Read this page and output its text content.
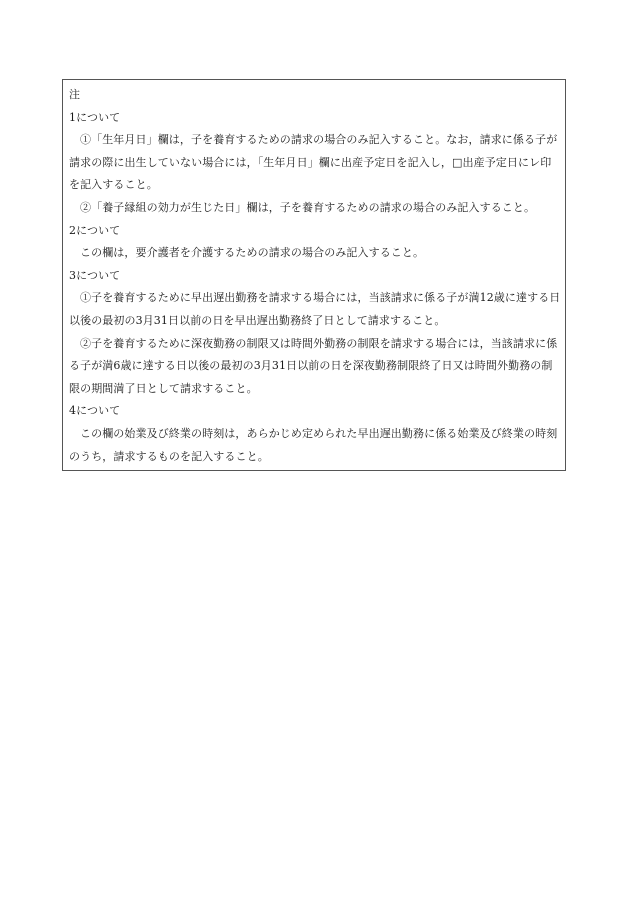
注

1について

①「生年月日」欄は，子を養育するための請求の場合のみ記入すること。なお，請求に係る子が請求の際に出生していない場合には，「生年月日」欄に出産予定日を記入し，□出産予定日にレ印を記入すること。

②「養子縁組の効力が生じた日」欄は，子を養育するための請求の場合のみ記入すること。

2について

この欄は，要介護者を介護するための請求の場合のみ記入すること。

3について

①子を養育するために早出遅出勤務を請求する場合には，当該請求に係る子が満12歳に達する日以後の最初の3月31日以前の日を早出遅出勤務終了日として請求すること。

②子を養育するために深夜勤務の制限又は時間外勤務の制限を請求する場合には，当該請求に係る子が満6歳に達する日以後の最初の3月31日以前の日を深夜勤務制限終了日又は時間外勤務の制限の期間満了日として請求すること。

4について

この欄の始業及び終業の時刻は，あらかじめ定められた早出遅出勤務に係る始業及び終業の時刻のうち，請求するものを記入すること。
